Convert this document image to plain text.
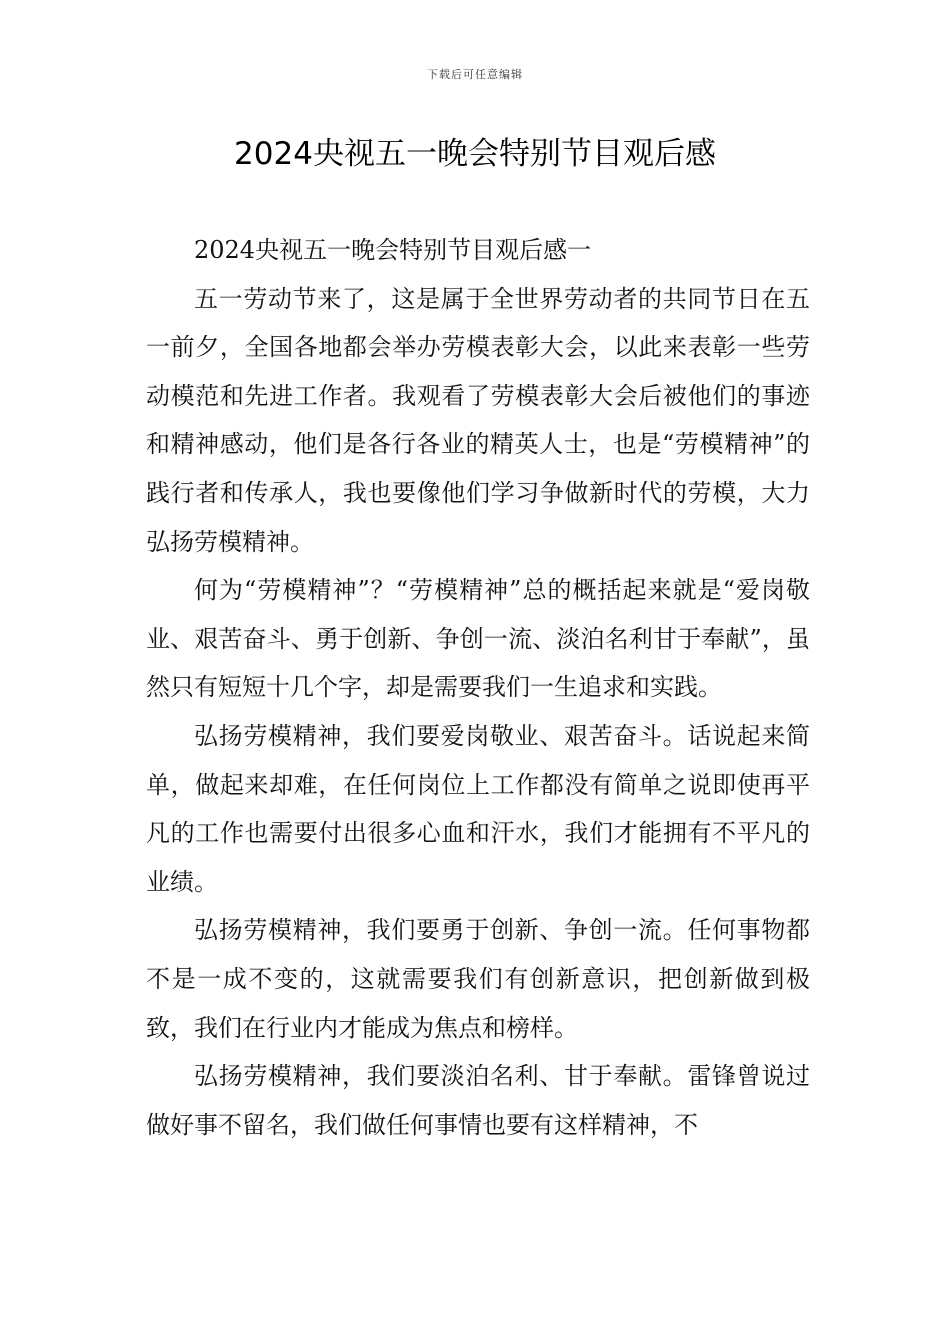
下载后可任意编辑
2024央视五一晚会特别节目观后感

2024央视五一晚会特别节目观后感一

五一劳动节来了，这是属于全世界劳动者的共同节日在五一前夕，全国各地都会举办劳模表彰大会，以此来表彰一些劳动模范和先进工作者。我观看了劳模表彰大会后被他们的事迹和精神感动，他们是各行各业的精英人士，也是“劳模精神”的践行者和传承人，我也要像他们学习争做新时代的劳模，大力弘扬劳模精神。

何为“劳模精神”？“劳模精神”总的概括起来就是“爱岗敬业、艰苦奋斗、勇于创新、争创一流、淡泊名利甘于奉献”，虽然只有短短十几个字，却是需要我们一生追求和实践。

弘扬劳模精神，我们要爱岗敬业、艰苦奋斗。话说起来简单，做起来却难，在任何岗位上工作都没有简单之说即使再平凡的工作也需要付出很多心血和汗水，我们才能拥有不平凡的业绩。

弘扬劳模精神，我们要勇于创新、争创一流。任何事物都不是一成不变的，这就需要我们有创新意识，把创新做到极致，我们在行业内才能成为焦点和榜样。

弘扬劳模精神，我们要淡泊名利、甘于奉献。雷锋曾说过做好事不留名，我们做任何事情也要有这样精神，不
